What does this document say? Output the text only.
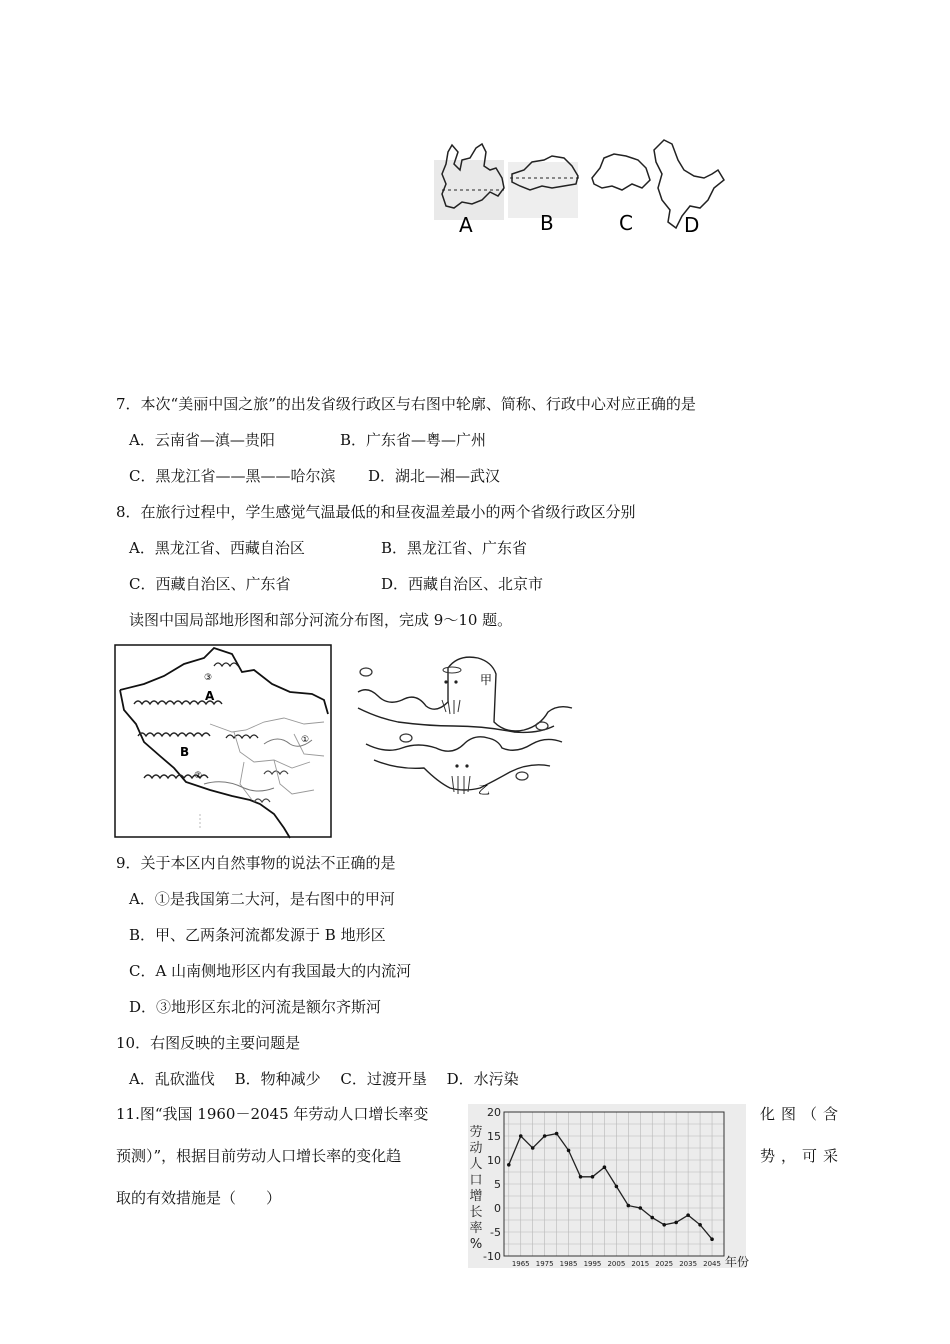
A	B	C	D
7．本次“美丽中国之旅”的出发省级行政区与右图中轮廓、简称、行政中心对应正确的是
A．云南省—滇—贵阳	B．广东省—粤—广州
C．黑龙江省——黑——哈尔滨 D．湖北—湘—武汉
8．在旅行过程中，学生感觉气温最低的和昼夜温差最小的两个省级行政区分别
A．黑龙江省、西藏自治区	B．黑龙江省、广东省
C．西藏自治区、广东省	D．西藏自治区、北京市
读图中国局部地形图和部分河流分布图，完成 9～10 题。
A
B
①
②
③	甲
乙
9．关于本区内自然事物的说法不正确的是
A．①是我国第二大河，是右图中的甲河
B．甲、乙两条河流都发源于 B 地形区
C．A 山南侧地形区内有我国最大的内流河
D．③地形区东北的河流是额尔齐斯河
10．右图反映的主要问题是
A．乱砍滥伐　 B．物种减少　 C．过渡开垦　 D．水污染
11.图“我国 1960－2045 年劳动人口增长率变	化图（含
预测）”，根据目前劳动人口增长率的变化趋	势，可采
取的有效措施是（　　）
20
15
10
5
0
-5
-10
1965 1975 1985 1995 2005 2015 2025 2035 2045
劳
动
人
口
增
长
率
%
年份
